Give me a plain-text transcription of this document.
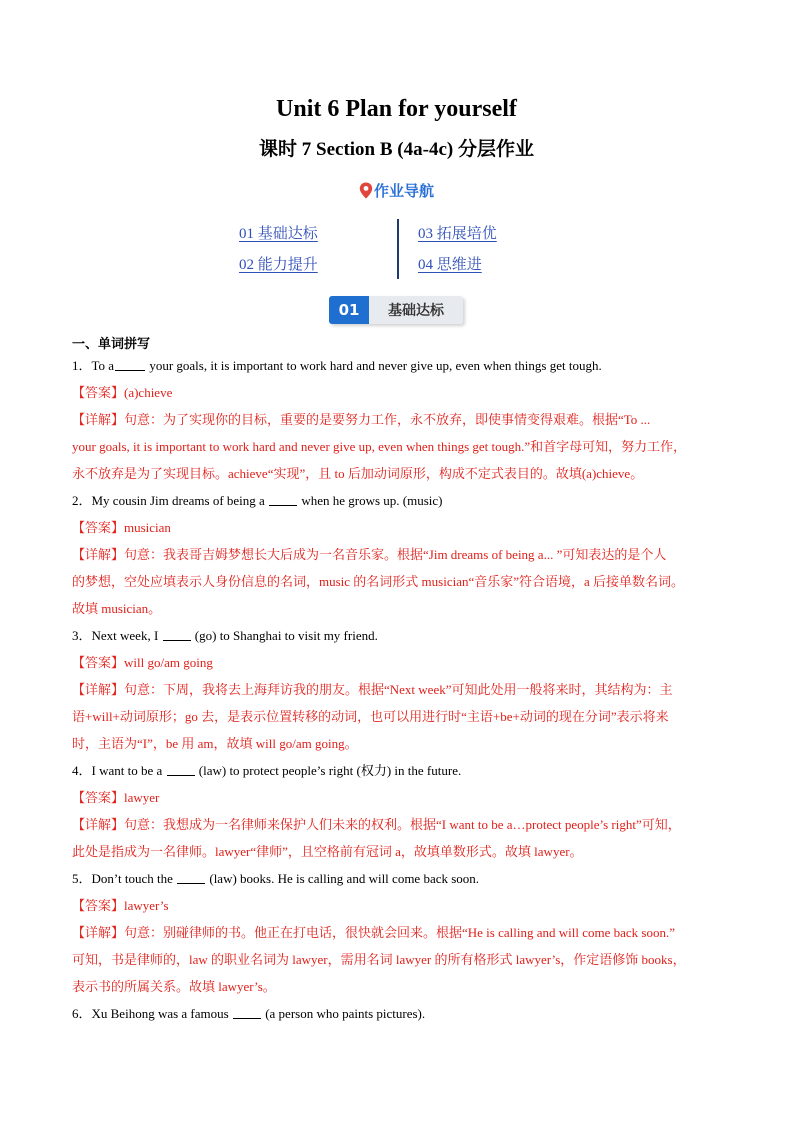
Unit 6 Plan for yourself
课时 7 Section B (4a-4c) 分层作业
作业导航
01 基础达标
02 能力提升
03 拓展培优
04 思维进
01	基础达标
一、单词拼写
1．To a your goals, it is important to work hard and never give up, even when things get tough.
【答案】(a)chieve
【详解】句意：为了实现你的目标，重要的是要努力工作，永不放弃，即使事情变得艰难。根据“To ...
your goals, it is important to work hard and never give up, even when things get tough.”和首字母可知，努力工作，
永不放弃是为了实现目标。achieve“实现”，且 to 后加动词原形，构成不定式表目的。故填(a)chieve。
2．My cousin Jim dreams of being a  when he grows up. (music)
【答案】musician
【详解】句意：我表哥吉姆梦想长大后成为一名音乐家。根据“Jim dreams of being a... ”可知表达的是个人
的梦想，空处应填表示人身份信息的名词，music 的名词形式 musician“音乐家”符合语境，a 后接单数名词。
故填 musician。
3．Next week, I  (go) to Shanghai to visit my friend.
【答案】will go/am going
【详解】句意：下周，我将去上海拜访我的朋友。根据“Next week”可知此处用一般将来时，其结构为：主
语+will+动词原形；go 去，是表示位置转移的动词，也可以用进行时“主语+be+动词的现在分词”表示将来
时，主语为“I”，be 用 am，故填 will go/am going。
4．I want to be a  (law) to protect people’s right (权力) in the future.
【答案】lawyer
【详解】句意：我想成为一名律师来保护人们未来的权利。根据“I want to be a…protect people’s right”可知，
此处是指成为一名律师。lawyer“律师”，且空格前有冠词 a，故填单数形式。故填 lawyer。
5．Don’t touch the  (law) books. He is calling and will come back soon.
【答案】lawyer’s
【详解】句意：别碰律师的书。他正在打电话，很快就会回来。根据“He is calling and will come back soon.”
可知，书是律师的，law 的职业名词为 lawyer，需用名词 lawyer 的所有格形式 lawyer’s，作定语修饰 books，
表示书的所属关系。故填 lawyer’s。
6．Xu Beihong was a famous  (a person who paints pictures).
